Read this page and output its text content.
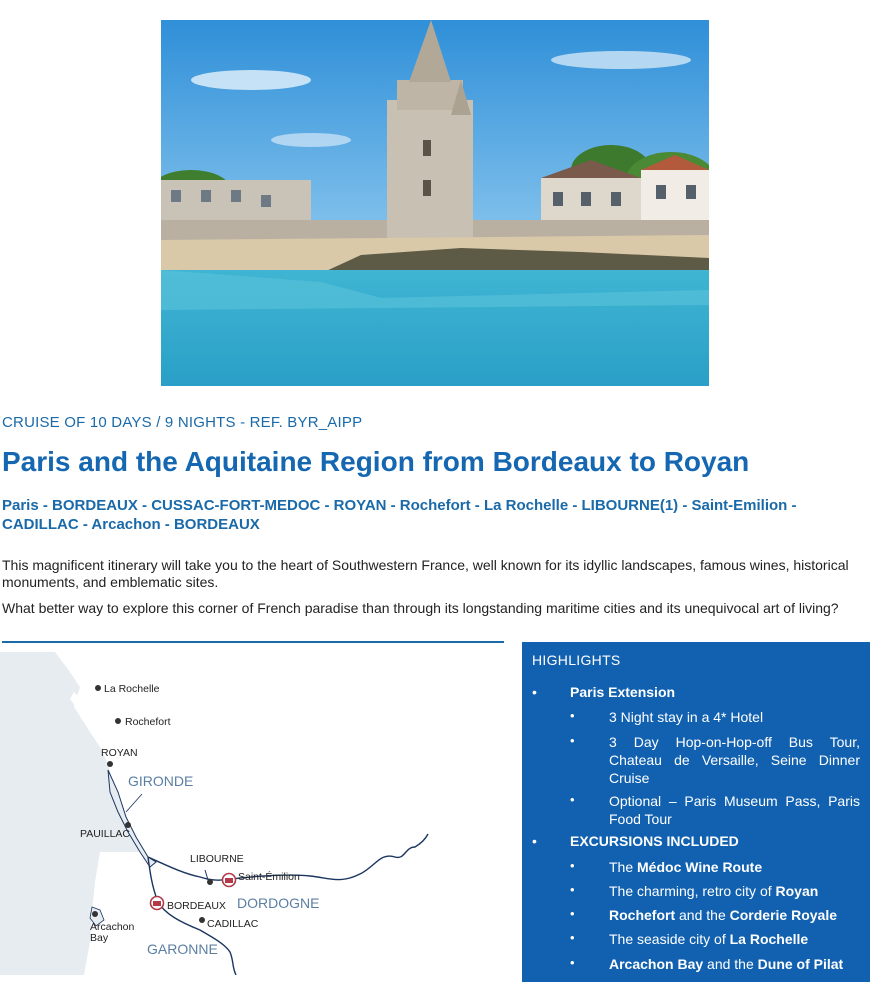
CRUISE OF 10 DAYS / 9 NIGHTS - REF. BYR_AIPP
Paris and the Aquitaine Region from Bordeaux to Royan
Paris - BORDEAUX - CUSSAC-FORT-MEDOC - ROYAN - Rochefort - La Rochelle - LIBOURNE(1) - Saint-Emilion - CADILLAC - Arcachon - BORDEAUX

This magnificent itinerary will take you to the heart of Southwestern France, well known for its idyllic landscapes, famous wines, historical monuments, and emblematic sites.

What better way to explore this corner of French paradise than through its longstanding maritime cities and its unequivocal art of living?

La Rochelle
Rochefort
ROYAN
PAUILLAC
LIBOURNE
Saint-Émilion
BORDEAUX
CADILLAC
Arcachon
Bay
GIRONDE
DORDOGNE
GARONNE
HIGHLIGHTS
• Paris Extension
• 3 Night stay in a 4* Hotel
• 3 Day Hop-on-Hop-off Bus Tour, Chateau de Versaille, Seine Dinner Cruise
• Optional – Paris Museum Pass, Paris Food Tour
• EXCURSIONS INCLUDED
• The Médoc Wine Route
• The charming, retro city of Royan
• Rochefort and the Corderie Royale
• The seaside city of La Rochelle
• Arcachon Bay and the Dune of Pilat
